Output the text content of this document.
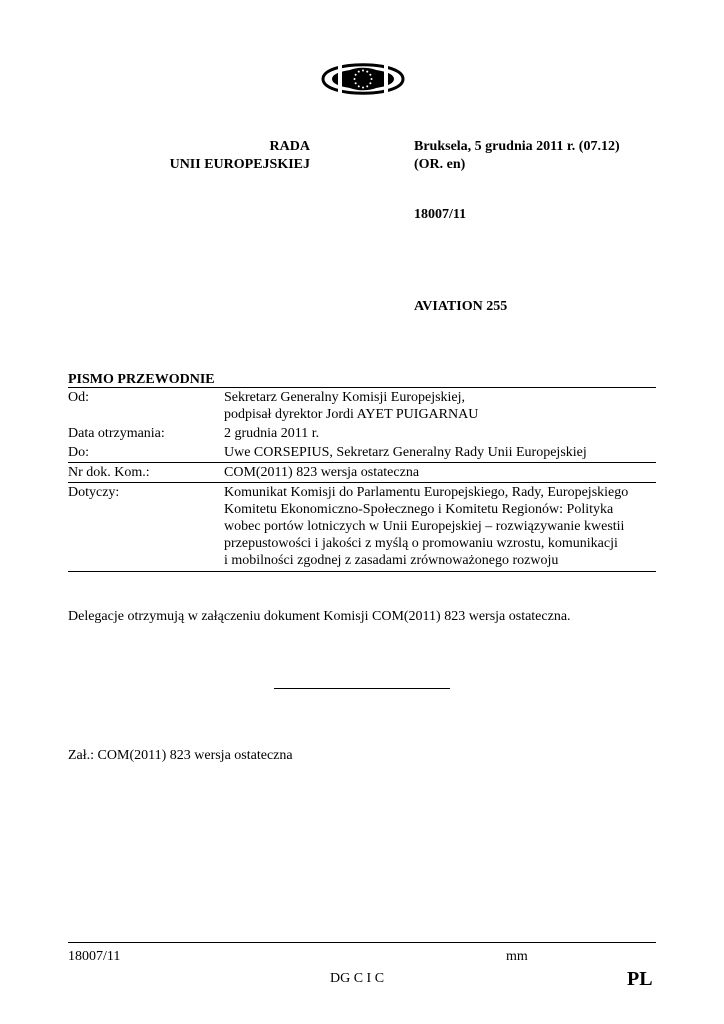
RADA
UNII EUROPEJSKIEJ
Bruksela, 5 grudnia 2011 r. (07.12)
(OR. en)
18007/11
AVIATION 255
PISMO PRZEWODNIE
Od:	Sekretarz Generalny Komisji Europejskiej,
podpisał dyrektor Jordi AYET PUIGARNAU

Data otrzymania:	2 grudnia 2011 r.

Do:	Uwe CORSEPIUS, Sekretarz Generalny Rady Unii Europejskiej

Nr dok. Kom.:	COM(2011) 823 wersja ostateczna

Dotyczy:	Komunikat Komisji do Parlamentu Europejskiego, Rady, Europejskiego
Komitetu Ekonomiczno-Społecznego i Komitetu Regionów: Polityka
wobec portów lotniczych w Unii Europejskiej – rozwiązywanie kwestii
przepustowości i jakości z myślą o promowaniu wzrostu, komunikacji
i mobilności zgodnej z zasadami zrównoważonego rozwoju
Delegacje otrzymują w załączeniu dokument Komisji COM(2011) 823 wersja ostateczna.
Zał.: COM(2011) 823 wersja ostateczna
18007/11	mm
DG C I C	PL
